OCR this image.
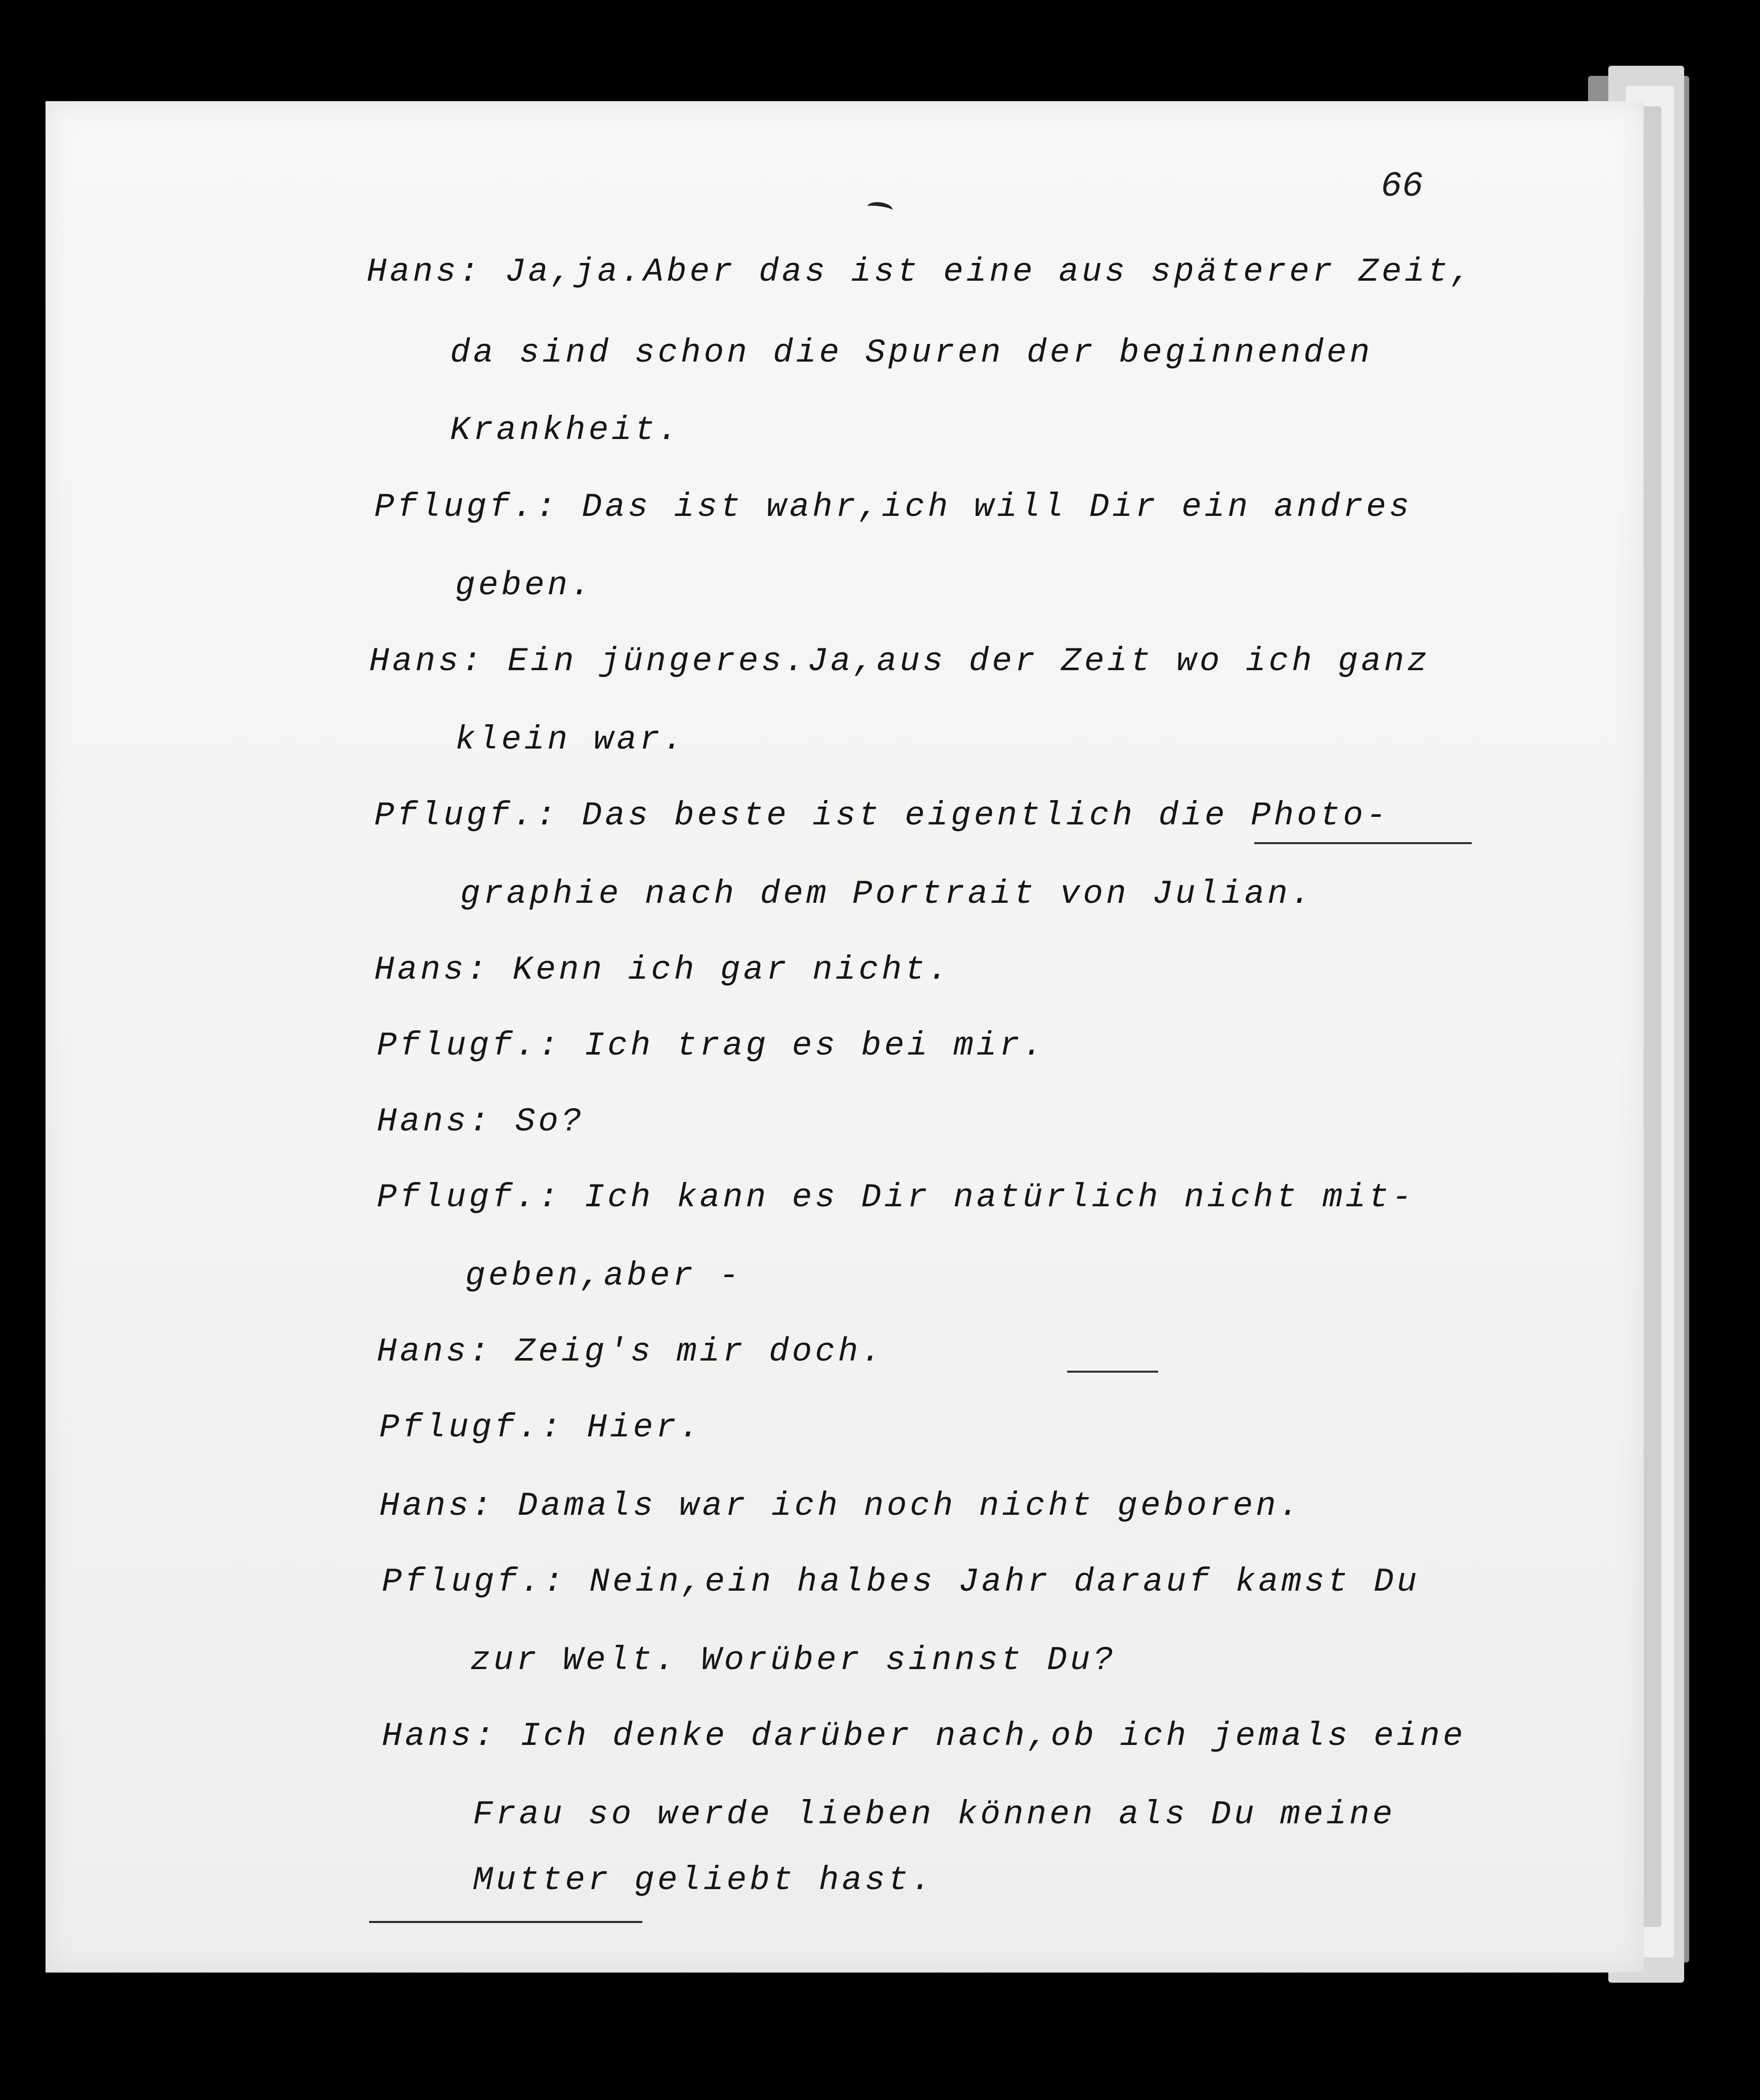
66
Hans: Ja,ja.Aber das ist eine aus späterer Zeit,
da sind schon die Spuren der beginnenden
Krankheit.
Pflugf.: Das ist wahr,ich will Dir ein andres
geben.
Hans: Ein jüngeres.Ja,aus der Zeit wo ich ganz
klein war.
Pflugf.: Das beste ist eigentlich die Photo-
graphie nach dem Portrait von Julian.
Hans: Kenn ich gar nicht.
Pflugf.: Ich trag es bei mir.
Hans: So?
Pflugf.: Ich kann es Dir natürlich nicht mit-
geben,aber -
Hans: Zeig's mir doch.
Pflugf.: Hier.
Hans: Damals war ich noch nicht geboren.
Pflugf.: Nein,ein halbes Jahr darauf kamst Du
zur Welt. Worüber sinnst Du?
Hans: Ich denke darüber nach,ob ich jemals eine
Frau so werde lieben können als Du meine
Mutter geliebt hast.
